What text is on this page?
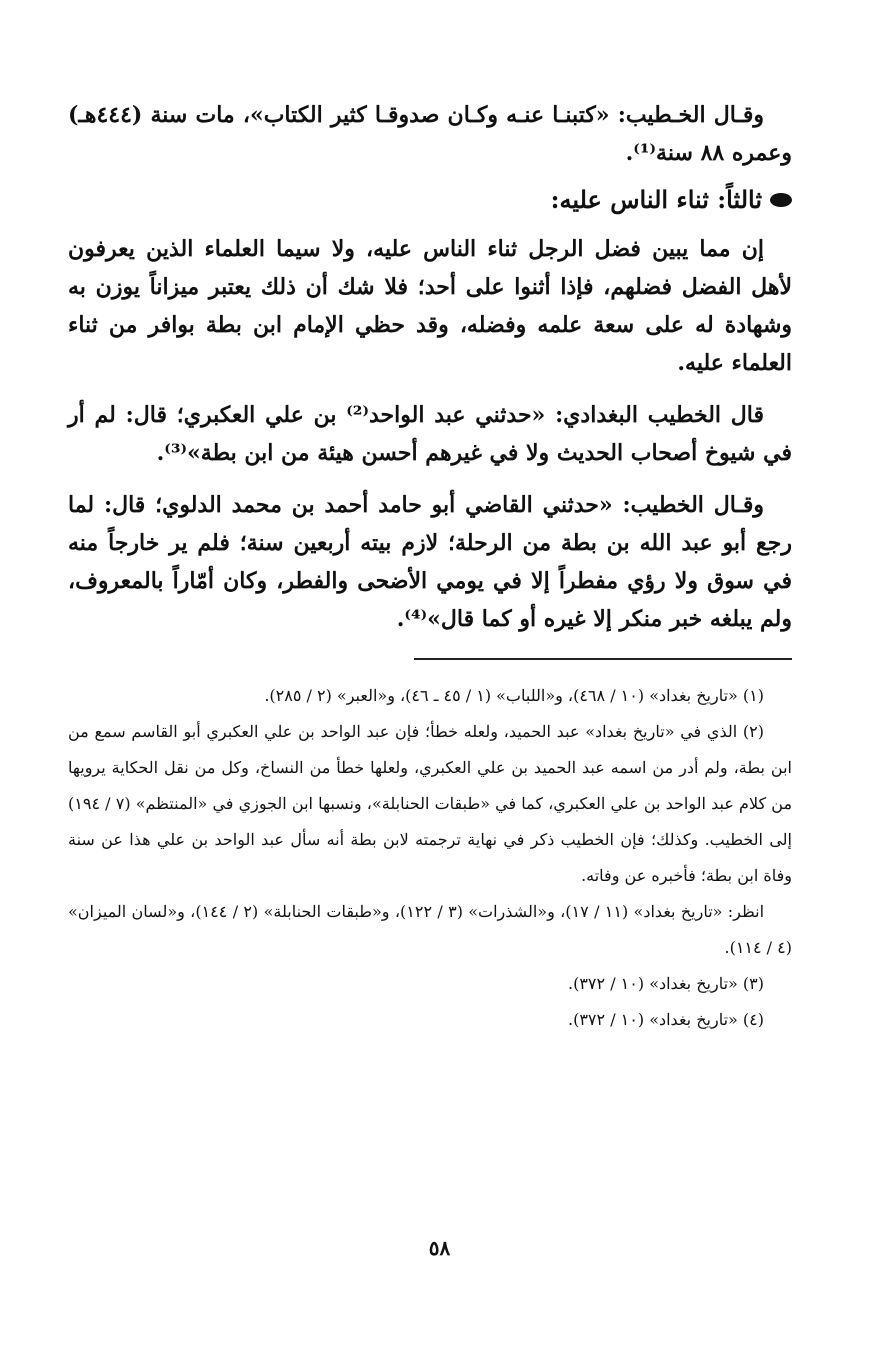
وقـال الخـطيب: «كتبنـا عنـه وكـان صدوقـا كثير الكتاب»، مات سنة (٤٤٤هـ) وعمره ٨٨ سنة⁽¹⁾.

ثالثاً: ثناء الناس عليه:

إن مما يبين فضل الرجل ثناء الناس عليه، ولا سيما العلماء الذين يعرفون لأهل الفضل فضلهم، فإذا أثنوا على أحد؛ فلا شك أن ذلك يعتبر ميزاناً يوزن به وشهادة له على سعة علمه وفضله، وقد حظي الإمام ابن بطة بوافر من ثناء العلماء عليه.

قال الخطيب البغدادي: «حدثني عبد الواحد⁽²⁾ بن علي العكبري؛ قال: لم أر في شيوخ أصحاب الحديث ولا في غيرهم أحسن هيئة من ابن بطة»⁽³⁾.

وقـال الخطيب: «حدثني القاضي أبو حامد أحمد بن محمد الدلوي؛ قال: لما رجع أبو عبد الله بن بطة من الرحلة؛ لازم بيته أربعين سنة؛ فلم ير خارجاً منه في سوق ولا رؤي مفطراً إلا في يومي الأضحى والفطر، وكان أمّاراً بالمعروف، ولم يبلغه خبر منكر إلا غيره أو كما قال»⁽⁴⁾.

(١) «تاريخ بغداد» (١٠ / ٤٦٨)، و«اللباب» (١ / ٤٥ ـ ٤٦)، و«العبر» (٢ / ٢٨٥).

(٢) الذي في «تاريخ بغداد» عبد الحميد، ولعله خطأ؛ فإن عبد الواحد بن علي العكبري أبو القاسم سمع من ابن بطة، ولم أدر من اسمه عبد الحميد بن علي العكبري، ولعلها خطأ من النساخ، وكل من نقل الحكاية يرويها من كلام عبد الواحد بن علي العكبري، كما في «طبقات الحنابلة»، ونسبها ابن الجوزي في «المنتظم» (٧ / ١٩٤) إلى الخطيب. وكذلك؛ فإن الخطيب ذكر في نهاية ترجمته لابن بطة أنه سأل عبد الواحد بن علي هذا عن سنة وفاة ابن بطة؛ فأخبره عن وفاته.

انظر: «تاريخ بغداد» (١١ / ١٧)، و«الشذرات» (٣ / ١٢٢)، و«طبقات الحنابلة» (٢ / ١٤٤)، و«لسان الميزان» (٤ / ١١٤).

(٣) «تاريخ بغداد» (١٠ / ٣٧٢).

(٤) «تاريخ بغداد» (١٠ / ٣٧٢).

٥٨
